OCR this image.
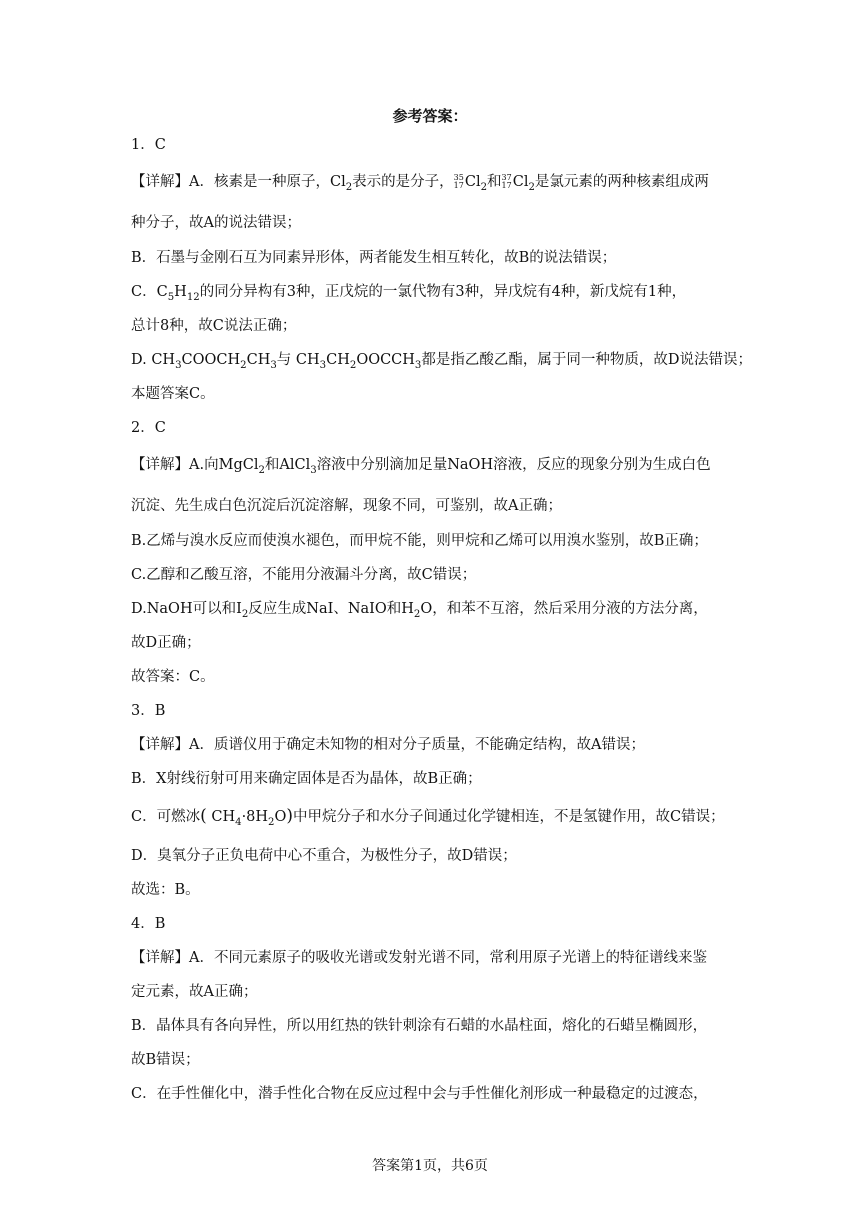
参考答案：
1．C
【详解】A．核素是一种原子，$Cl_2$表示的是分子， 35
17 $Cl_2$和 37
17 $Cl_2$是氯元素的两种核素组成两
种分子，故A的说法错误；
B．石墨与金刚石互为同素异形体，两者能发生相互转化，故B的说法错误；
C．$C_5H_{12}$的同分异构有3种，正戊烷的一氯代物有3种，异戊烷有4种，新戊烷有1种，
总计8种，故C说法正确；
D. $CH_3COOCH_2CH_3$与 $CH_3CH_2OOCCH_3$都是指乙酸乙酯，属于同一种物质，故D说法错误；
本题答案C。
2．C
【详解】A.向MgCl$_2$和AlCl$_3$溶液中分别滴加足量NaOH溶液，反应的现象分别为生成白色
沉淀、先生成白色沉淀后沉淀溶解，现象不同，可鉴别，故A正确；
B.乙烯与溴水反应而使溴水褪色，而甲烷不能，则甲烷和乙烯可以用溴水鉴别，故B正确；
C.乙醇和乙酸互溶，不能用分液漏斗分离，故C错误；
D.NaOH可以和$I_2$反应生成NaI、NaIO和$H_2O$，和苯不互溶，然后采用分液的方法分离，
故D正确；
故答案：C。
3．B
【详解】A．质谱仪用于确定未知物的相对分子质量，不能确定结构，故A错误；
B．X射线衍射可用来确定固体是否为晶体，故B正确；
C．可燃冰( $CH_4\cdot 8H_2O$)中甲烷分子和水分子间通过化学键相连，不是氢键作用，故C错误；
D．臭氧分子正负电荷中心不重合，为极性分子，故D错误；
故选：B。
4．B
【详解】A．不同元素原子的吸收光谱或发射光谱不同，常利用原子光谱上的特征谱线来鉴
定元素，故A正确；
B．晶体具有各向异性，所以用红热的铁针刺涂有石蜡的水晶柱面，熔化的石蜡呈椭圆形，
故B错误；
C．在手性催化中，潜手性化合物在反应过程中会与手性催化剂形成一种最稳定的过渡态，
答案第1页，共6页
